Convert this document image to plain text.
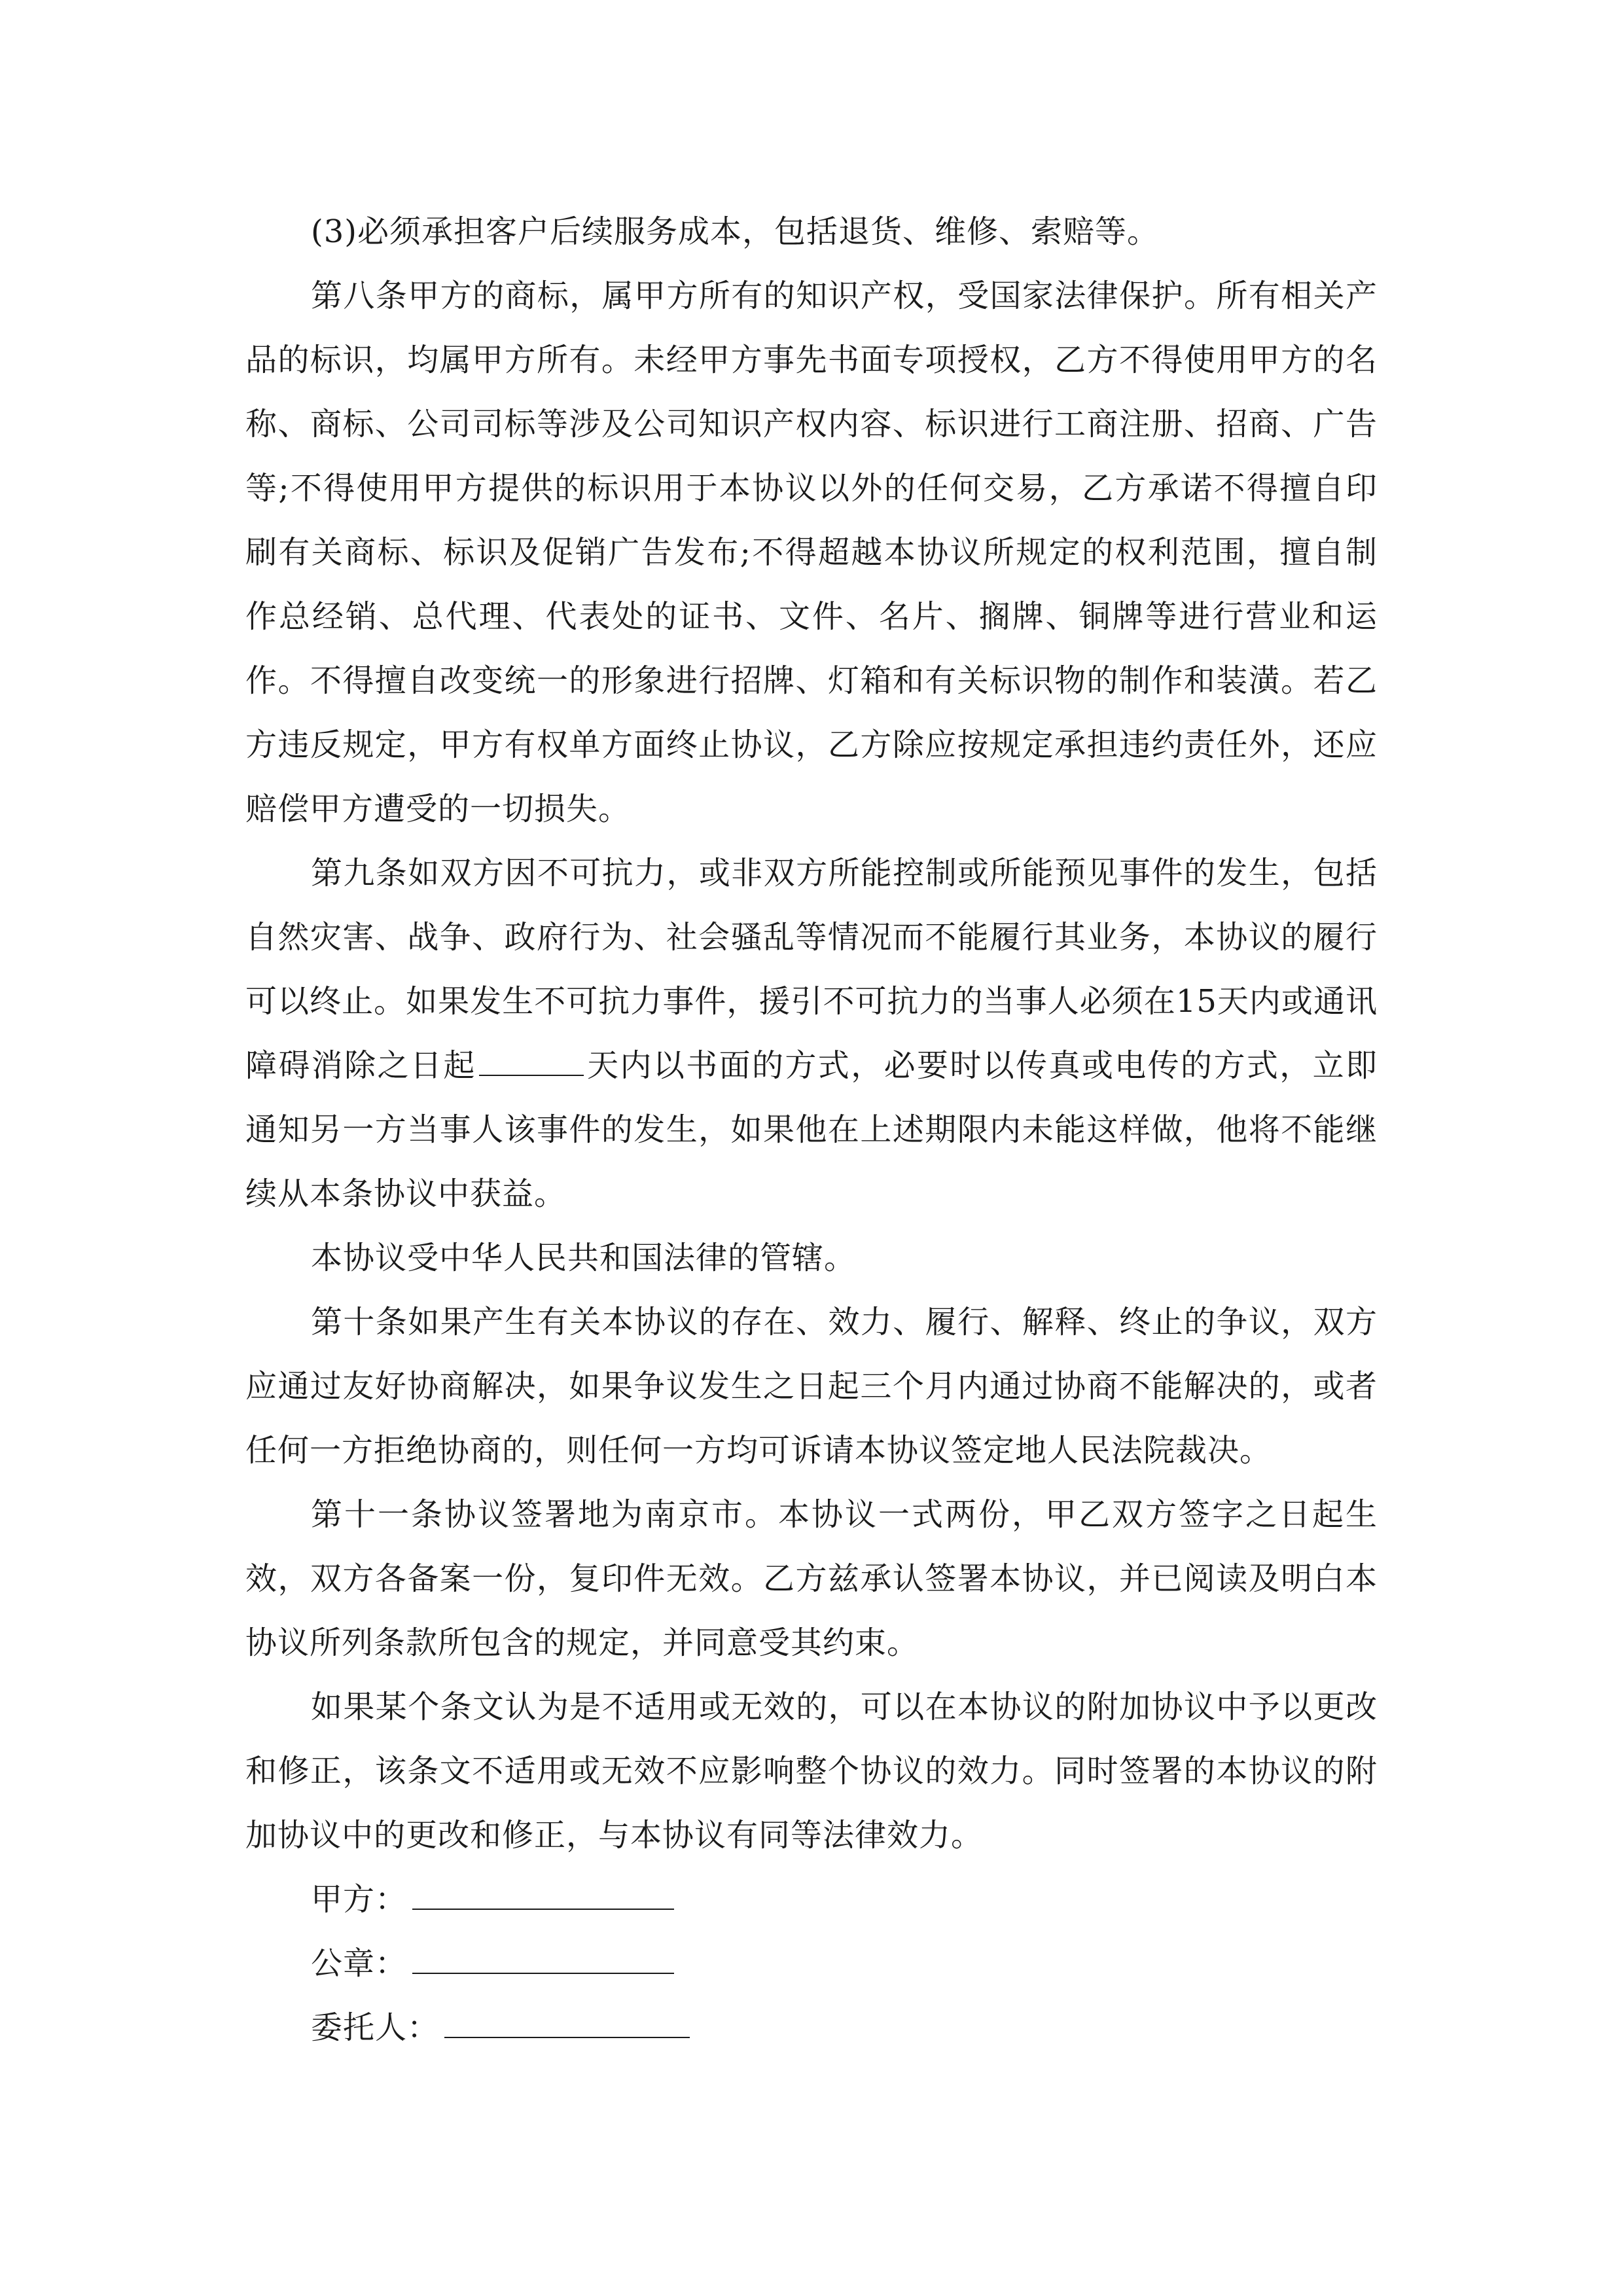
(3)必须承担客户后续服务成本，包括退货、维修、索赔等。

第八条甲方的商标，属甲方所有的知识产权，受国家法律保护。所有相关产品的标识，均属甲方所有。未经甲方事先书面专项授权，乙方不得使用甲方的名称、商标、公司司标等涉及公司知识产权内容、标识进行工商注册、招商、广告等;不得使用甲方提供的标识用于本协议以外的任何交易，乙方承诺不得擅自印刷有关商标、标识及促销广告发布;不得超越本协议所规定的权利范围，擅自制作总经销、总代理、代表处的证书、文件、名片、搁牌、铜牌等进行营业和运作。不得擅自改变统一的形象进行招牌、灯箱和有关标识物的制作和装潢。若乙方违反规定，甲方有权单方面终止协议，乙方除应按规定承担违约责任外，还应赔偿甲方遭受的一切损失。

第九条如双方因不可抗力，或非双方所能控制或所能预见事件的发生，包括自然灾害、战争、政府行为、社会骚乱等情况而不能履行其业务，本协议的履行可以终止。如果发生不可抗力事件，援引不可抗力的当事人必须在15天内或通讯障碍消除之日起	天内以书面的方式，必要时以传真或电传的方式，立即通知另一方当事人该事件的发生，如果他在上述期限内未能这样做，他将不能继续从本条协议中获益。

本协议受中华人民共和国法律的管辖。

第十条如果产生有关本协议的存在、效力、履行、解释、终止的争议，双方应通过友好协商解决，如果争议发生之日起三个月内通过协商不能解决的，或者任何一方拒绝协商的，则任何一方均可诉请本协议签定地人民法院裁决。

第十一条协议签署地为南京市。本协议一式两份，甲乙双方签字之日起生效，双方各备案一份，复印件无效。乙方兹承认签署本协议，并已阅读及明白本协议所列条款所包含的规定，并同意受其约束。

如果某个条文认为是不适用或无效的，可以在本协议的附加协议中予以更改和修正，该条文不适用或无效不应影响整个协议的效力。同时签署的本协议的附加协议中的更改和修正，与本协议有同等法律效力。

甲方：
公章：
委托人：
